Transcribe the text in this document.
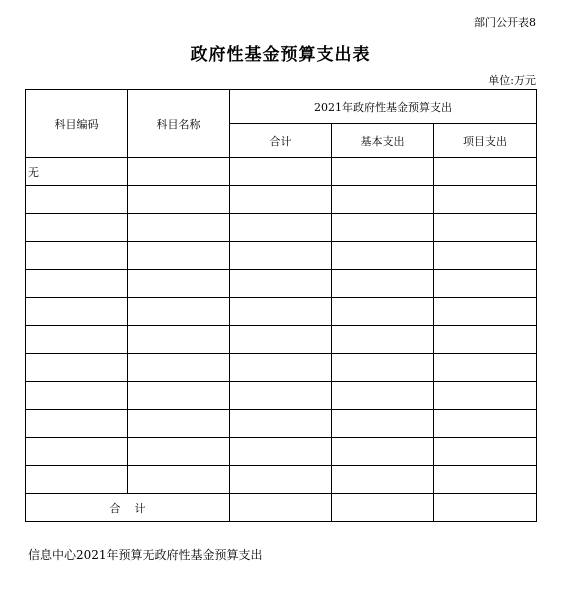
部门公开表8
政府性基金预算支出表
单位:万元
科目编码	科目名称	2021年政府性基金预算支出		
		合计	基本支出	项目支出
无				

合    计				
信息中心2021年预算无政府性基金预算支出
